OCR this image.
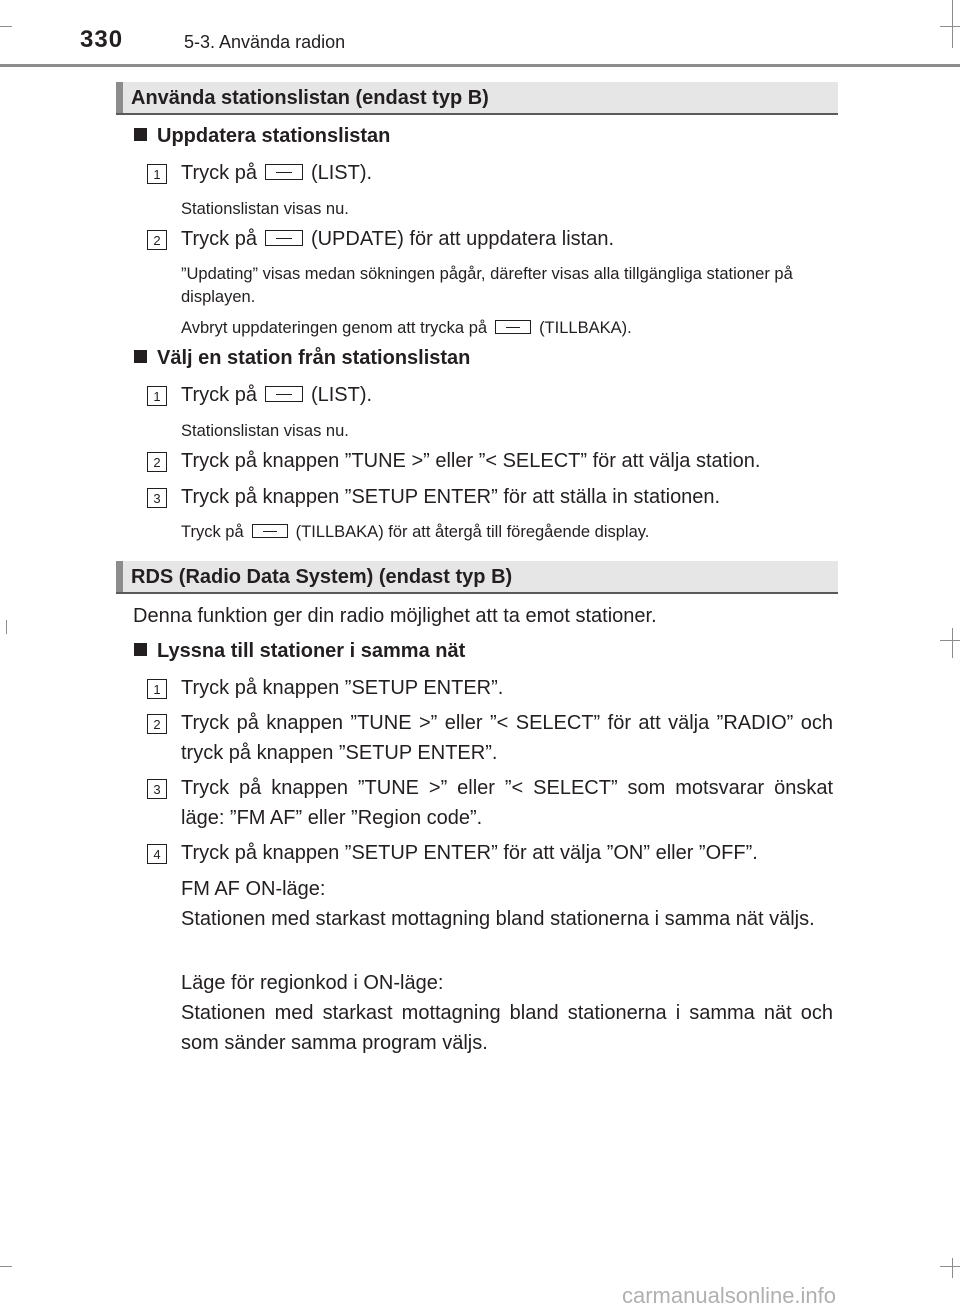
330	5-3. Använda radion
Använda stationslistan (endast typ B)
Uppdatera stationslistan
1	Tryck på	(LIST).
Stationslistan visas nu.
2	Tryck på	(UPDATE) för att uppdatera listan.
”Updating” visas medan sökningen pågår, därefter visas alla tillgängliga stationer på displayen.
Avbryt uppdateringen genom att trycka på	(TILLBAKA).
Välj en station från stationslistan
1	Tryck på	(LIST).
Stationslistan visas nu.
2	Tryck på knappen ”TUNE >” eller ”< SELECT” för att välja station.
3	Tryck på knappen ”SETUP ENTER” för att ställa in stationen.
Tryck på	(TILLBAKA) för att återgå till föregående display.
RDS (Radio Data System) (endast typ B)
Denna funktion ger din radio möjlighet att ta emot stationer.
Lyssna till stationer i samma nät
1	Tryck på knappen ”SETUP ENTER”.
2	Tryck på knappen ”TUNE >” eller ”< SELECT” för att välja ”RADIO” och tryck på knappen ”SETUP ENTER”.
3	Tryck på knappen ”TUNE >” eller ”< SELECT” som motsvarar önskat läge: ”FM AF” eller ”Region code”.
4	Tryck på knappen ”SETUP ENTER” för att välja ”ON” eller ”OFF”.
FM AF ON-läge:
Stationen med starkast mottagning bland stationerna i samma nät väljs.
Läge för regionkod i ON-läge:
Stationen med starkast mottagning bland stationerna i samma nät och som sänder samma program väljs.
carmanualsonline.info
